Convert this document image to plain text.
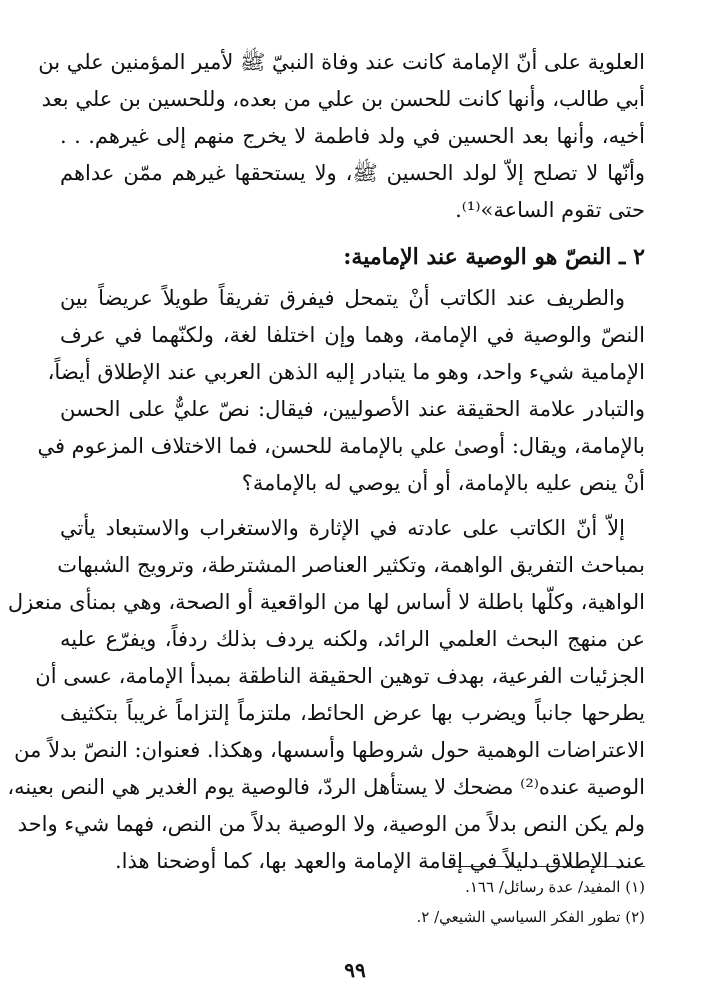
العلوية على أنّ الإمامة كانت عند وفاة النبيّ ﷺ لأمير المؤمنين علي بن
أبي طالب، وأنها كانت للحسن بن علي من بعده، وللحسين بن علي بعد
أخيه، وأنها بعد الحسين في ولد فاطمة لا يخرج منهم إلى غيرهم. . .
وأنّها لا تصلح إلاّ لولد الحسين ﷺ، ولا يستحقها غيرهم ممّن عداهم
حتى تقوم الساعة»⁽¹⁾.
٢ ـ النصّ هو الوصية عند الإمامية:
والطريف عند الكاتب أنْ يتمحل فيفرق تفريقاً طويلاً عريضاً بين
النصّ والوصية في الإمامة، وهما وإن اختلفا لغة، ولكنّهما في عرف
الإمامية شيء واحد، وهو ما يتبادر إليه الذهن العربي عند الإطلاق أيضاً،
والتبادر علامة الحقيقة عند الأصوليين، فيقال: نصّ عليٌّ على الحسن
بالإمامة، ويقال: أوصىٰ علي بالإمامة للحسن، فما الاختلاف المزعوم في
أنْ ينص عليه بالإمامة، أو أن يوصي له بالإمامة؟
إلاّ أنّ الكاتب على عادته في الإثارة والاستغراب والاستبعاد يأتي
بمباحث التفريق الواهمة، وتكثير العناصر المشترطة، وترويج الشبهات
الواهية، وكلّها باطلة لا أساس لها من الواقعية أو الصحة، وهي بمنأى منعزل
عن منهج البحث العلمي الرائد، ولكنه يردف بذلك ردفاً، ويفرّع عليه
الجزئيات الفرعية، بهدف توهين الحقيقة الناطقة بمبدأ الإمامة، عسى أن
يطرحها جانباً ويضرب بها عرض الحائط، ملتزماً إلتزاماً غريباً بتكثيف
الاعتراضات الوهمية حول شروطها وأسسها، وهكذا. فعنوان: النصّ بدلاً من
الوصية عنده⁽²⁾ مضحك لا يستأهل الردّ، فالوصية يوم الغدير هي النص بعينه،
ولم يكن النص بدلاً من الوصية، ولا الوصية بدلاً من النص، فهما شيء واحد
عند الإطلاق دليلاً في إقامة الإمامة والعهد بها، كما أوضحنا هذا.
(١) المفيد/ عدة رسائل/ ١٦٦.
(٢) تطور الفكر السياسي الشيعي/ ٢.
٩٩
